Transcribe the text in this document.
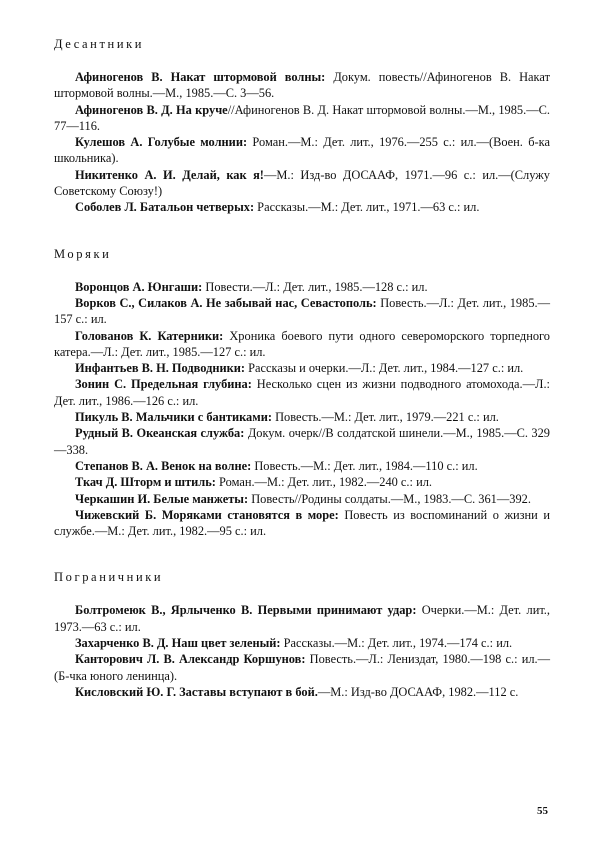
Десантники

Афиногенов В. Накат штормовой волны: Докум. повесть//Афиногенов В. Накат штормовой волны.—М., 1985.—С. 3—56.

Афиногенов В. Д. На круче//Афиногенов В. Д. Накат штормовой волны.—М., 1985.—С. 77—116.

Кулешов А. Голубые молнии: Роман.—М.: Дет. лит., 1976.—255 с.: ил.—(Воен. б-ка школьника).

Никитенко А. И. Делай, как я!—М.: Изд-во ДОСААФ, 1971.—96 с.: ил.—(Служу Советскому Союзу!)

Соболев Л. Батальон четверых: Рассказы.—М.: Дет. лит., 1971.—63 с.: ил.

Моряки

Воронцов А. Юнгаши: Повести.—Л.: Дет. лит., 1985.—128 с.: ил.

Ворков С., Силаков А. Не забывай нас, Севастополь: Повесть.—Л.: Дет. лит., 1985.—157 с.: ил.

Голованов К. Катерники: Хроника боевого пути одного североморского торпедного катера.—Л.: Дет. лит., 1985.—127 с.: ил.

Инфантьев В. Н. Подводники: Рассказы и очерки.—Л.: Дет. лит., 1984.—127 с.: ил.

Зонин С. Предельная глубина: Несколько сцен из жизни подводного атомохода.—Л.: Дет. лит., 1986.—126 с.: ил.

Пикуль В. Мальчики с бантиками: Повесть.—М.: Дет. лит., 1979.—221 с.: ил.

Рудный В. Океанская служба: Докум. очерк//В солдатской шинели.—М., 1985.—С. 329—338.

Степанов В. А. Венок на волне: Повесть.—М.: Дет. лит., 1984.—110 с.: ил.

Ткач Д. Шторм и штиль: Роман.—М.: Дет. лит., 1982.—240 с.: ил.

Черкашин И. Белые манжеты: Повесть//Родины солдаты.—М., 1983.—С. 361—392.

Чижевский Б. Моряками становятся в море: Повесть из воспоминаний о жизни и службе.—М.: Дет. лит., 1982.—95 с.: ил.

Пограничники

Болтромеюк В., Ярлыченко В. Первыми принимают удар: Очерки.—М.: Дет. лит., 1973.—63 с.: ил.

Захарченко В. Д. Наш цвет зеленый: Рассказы.—М.: Дет. лит., 1974.—174 с.: ил.

Канторович Л. В. Александр Коршунов: Повесть.—Л.: Лениздат, 1980.—198 с.: ил.—(Б-чка юного ленинца).

Кисловский Ю. Г. Заставы вступают в бой.—М.: Изд-во ДОСААФ, 1982.—112 с.

55
